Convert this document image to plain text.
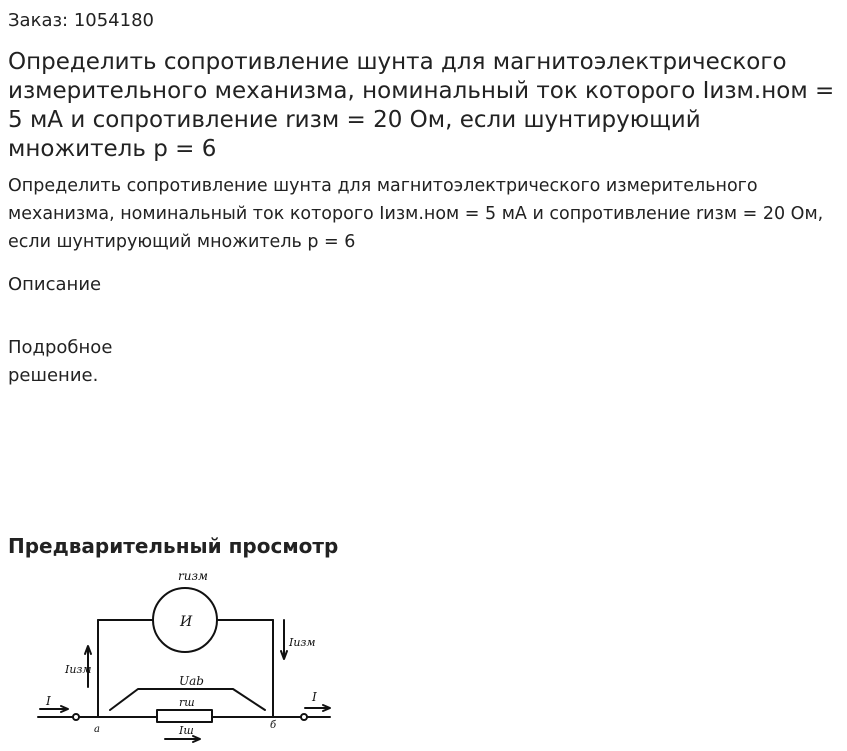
Заказ: 1054180
Определить сопротивление шунта для магнитоэлектрического измерительного механизма, номинальный ток которого Iизм.ном = 5 мА и сопротивление rизм = 20 Ом, если шунтирующий множитель p = 6

Определить сопротивление шунта для магнитоэлектрического измерительного механизма, номинальный ток которого Iизм.ном = 5 мА и сопротивление rизм = 20 Ом, если шунтирующий множитель p = 6

Описание

Подробное решение.

Предварительный просмотр
rизм
И
Iизм
Iизм
Uab
rш
Iш
I	I
a	б
